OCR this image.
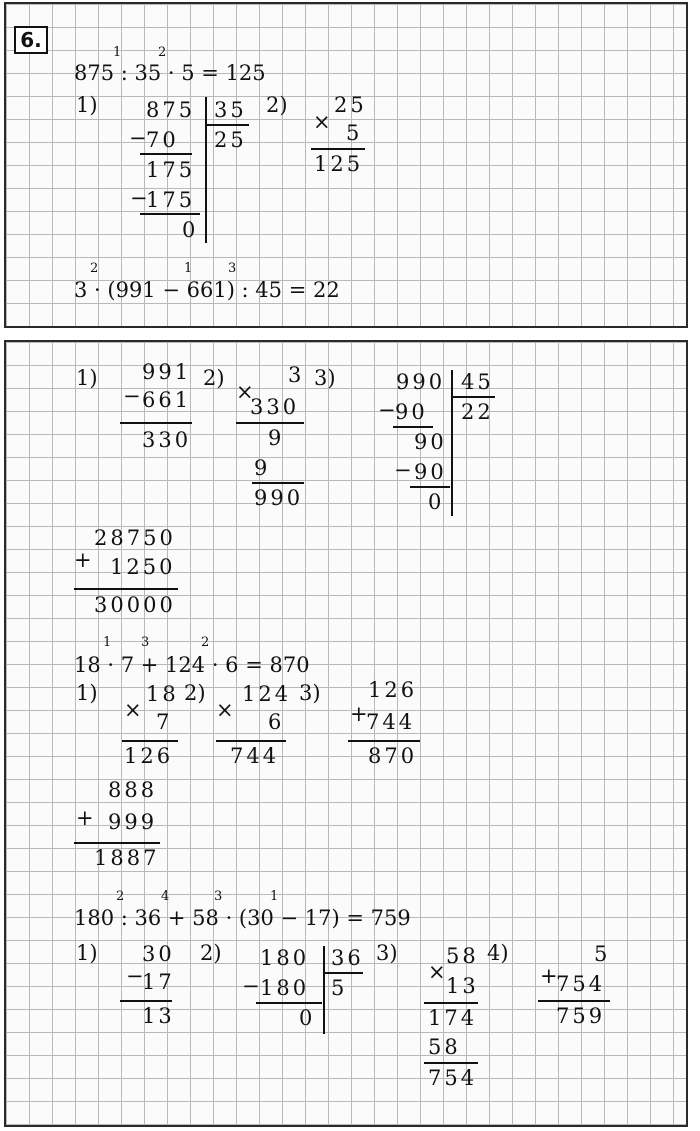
6.
875 : 35 · 5 = 125
1	2
1) 875 35
25
− 70
175
−
175
0
2) 25
× 5
125
3 · (991 − 661) : 45 = 22
2	1	3
1) 991
− 661
330
2)	3
×
330
9
9
990
3)	990 45
22
− 90
90
− 90
0
28750
+ 1250
30000
18 · 7 + 124 · 6 = 870
1 3	2
1) 18
× 7
126
2) 124
× 6
744
3) 126
+
744
870
888
+ 999
1887
180 : 36 + 58 · (30 − 17) = 759
2	4	3	1
1) 30
−
17
13
2) 180 36
5
− 180
0
3) 58
×
13
174
58
754
4)	5
+
754
759
